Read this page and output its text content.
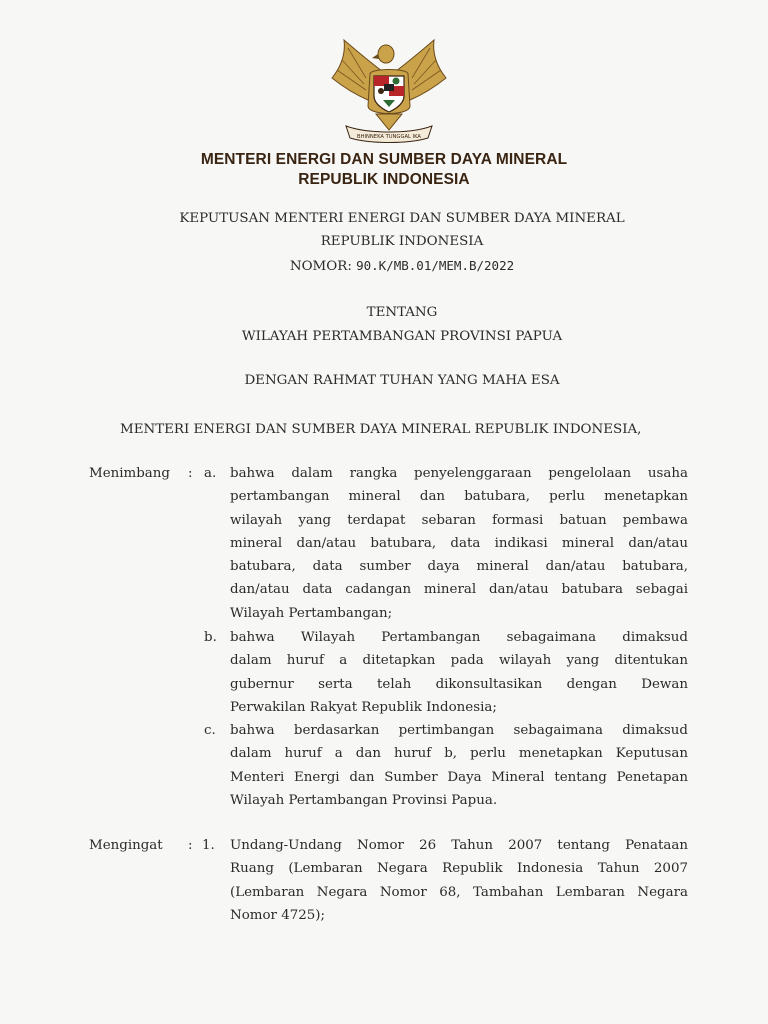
BHINNEKA TUNGGAL IKA
MENTERI ENERGI DAN SUMBER DAYA MINERAL
REPUBLIK INDONESIA
KEPUTUSAN MENTERI ENERGI DAN SUMBER DAYA MINERAL
REPUBLIK INDONESIA
NOMOR: 90.K/MB.01/MEM.B/2022
TENTANG
WILAYAH PERTAMBANGAN PROVINSI PAPUA
DENGAN RAHMAT TUHAN YANG MAHA ESA
MENTERI ENERGI DAN SUMBER DAYA MINERAL REPUBLIK INDONESIA,
Menimbang : a. bahwa dalam rangka penyelenggaraan pengelolaan usaha
pertambangan mineral dan batubara, perlu menetapkan
wilayah yang terdapat sebaran formasi batuan pembawa
mineral dan/atau batubara, data indikasi mineral dan/atau
batubara, data sumber daya mineral dan/atau batubara,
dan/atau data cadangan mineral dan/atau batubara sebagai
Wilayah Pertambangan;
b. bahwa Wilayah Pertambangan sebagaimana dimaksud
dalam huruf a ditetapkan pada wilayah yang ditentukan
gubernur serta telah dikonsultasikan dengan Dewan
Perwakilan Rakyat Republik Indonesia;
c. bahwa berdasarkan pertimbangan sebagaimana dimaksud
dalam huruf a dan huruf b, perlu menetapkan Keputusan
Menteri Energi dan Sumber Daya Mineral tentang Penetapan
Wilayah Pertambangan Provinsi Papua.
Mengingat : 1. Undang-Undang Nomor 26 Tahun 2007 tentang Penataan
Ruang (Lembaran Negara Republik Indonesia Tahun 2007
(Lembaran Negara Nomor 68, Tambahan Lembaran Negara
Nomor 4725);
